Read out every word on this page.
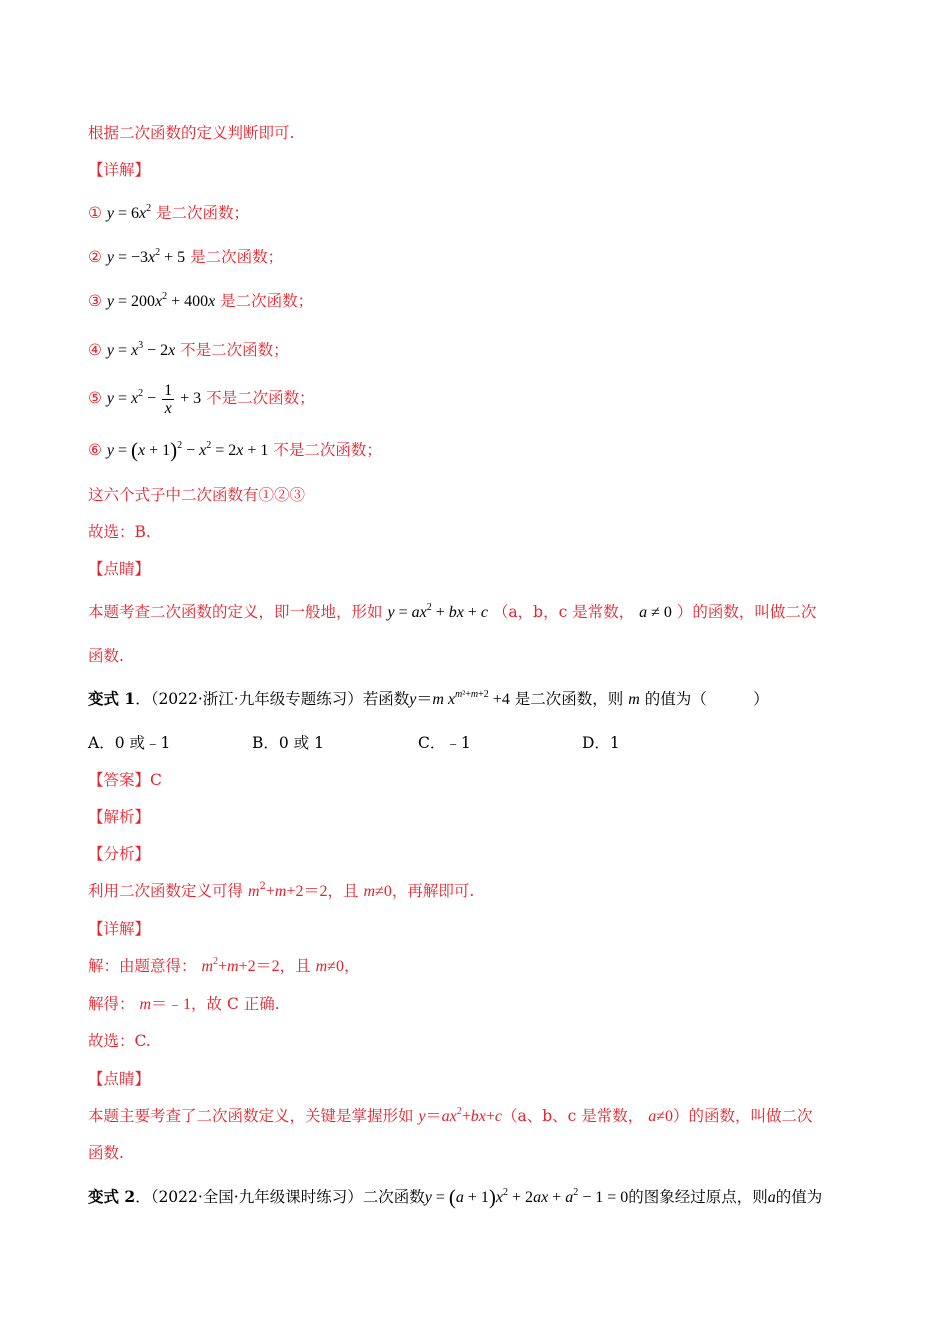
根据二次函数的定义判断即可.
【详解】
① $y = 6x^2$ 是二次函数；
② $y = -3x^2 + 5$ 是二次函数；
③ $y = 200x^2 + 400x$ 是二次函数；
④ $y = x^3 - 2x$ 不是二次函数；
⑤ $y = x^2 - \frac{1}{x} + 3$ 不是二次函数；
⑥ $y = (x + 1)^2 - x^2 = 2x + 1$ 不是二次函数；
这六个式子中二次函数有①②③
故选：B.
【点睛】
本题考查二次函数的定义，即一般地，形如 $y = ax^2$ + bx + c （a，b，c 是常数， a ≠ 0 ）的函数，叫做二次
函数.
变式 1．（2022·浙江·九年级专题练习）若函数y＝m $x^{m^2+m+2} +4$ 是二次函数，则 m 的值为（　　　）
A．0 或﹣1	B．0 或 1	C．﹣1	D．1
【答案】C
【解析】
【分析】
利用二次函数定义可得 $m^2+m+2=2$，且 m≠0，再解即可.
【详解】
解：由题意得： $m^2+m+2=2$，且 m≠0，
解得： m＝﹣1，故 C 正确.
故选：C.
【点睛】
本题主要考查了二次函数定义，关键是掌握形如 $y=ax^2+bx+c(a$、b、c 是常数， a≠0）的函数，叫做二次
函数.
变式 2．（2022·全国·九年级课时练习）二次函数$y = (a + 1)x^2 + 2ax + a^2 - 1 = 0$的图象经过原点，则a的值为
